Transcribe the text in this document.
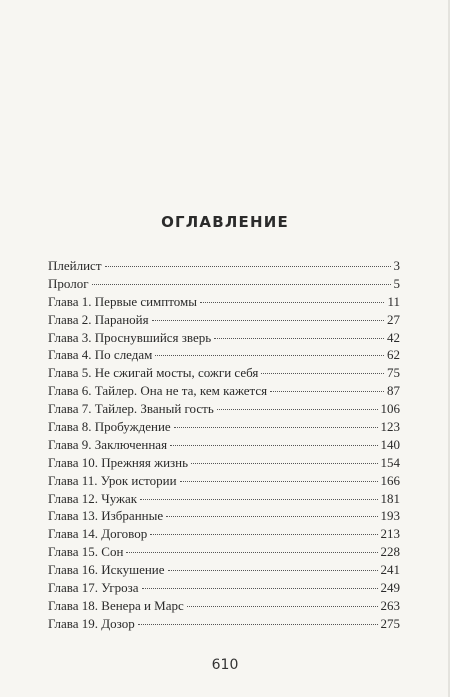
ОГЛАВЛЕНИЕ
Плейлист	3
Пролог	5
Глава 1. Первые симптомы	11
Глава 2. Паранойя	27
Глава 3. Проснувшийся зверь	42
Глава 4. По следам	62
Глава 5. Не сжигай мосты, сожги себя	75
Глава 6. Тайлер. Она не та, кем кажется	87
Глава 7. Тайлер. Званый гость	106
Глава 8. Пробуждение	123
Глава 9. Заключенная	140
Глава 10. Прежняя жизнь	154
Глава 11. Урок истории	166
Глава 12. Чужак	181
Глава 13. Избранные	193
Глава 14. Договор	213
Глава 15. Сон	228
Глава 16. Искушение	241
Глава 17. Угроза	249
Глава 18. Венера и Марс	263
Глава 19. Дозор	275
610
